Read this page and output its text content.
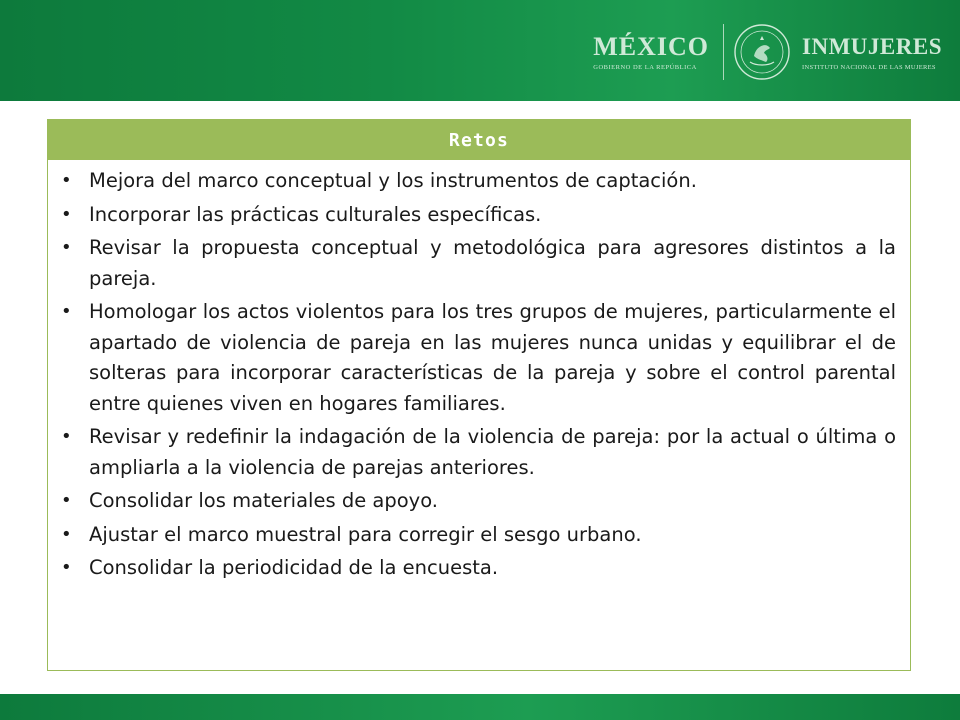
MÉXICO
GOBIERNO DE LA REPÚBLICA
INMUJERES
INSTITUTO NACIONAL DE LAS MUJERES
Retos
• Mejora del marco conceptual y los instrumentos de captación.
• Incorporar las prácticas culturales específicas.
• Revisar la propuesta conceptual y metodológica para agresores distintos a la pareja.
• Homologar los actos violentos para los tres grupos de mujeres, particularmente el apartado de violencia de pareja en las mujeres nunca unidas y equilibrar el de solteras para incorporar características de la pareja y sobre el control parental entre quienes viven en hogares familiares.
• Revisar y redefinir la indagación de la violencia de pareja: por la actual o última o ampliarla a la violencia de parejas anteriores.
• Consolidar los materiales de apoyo.
• Ajustar el marco muestral para corregir el sesgo urbano.
• Consolidar la periodicidad de la encuesta.
